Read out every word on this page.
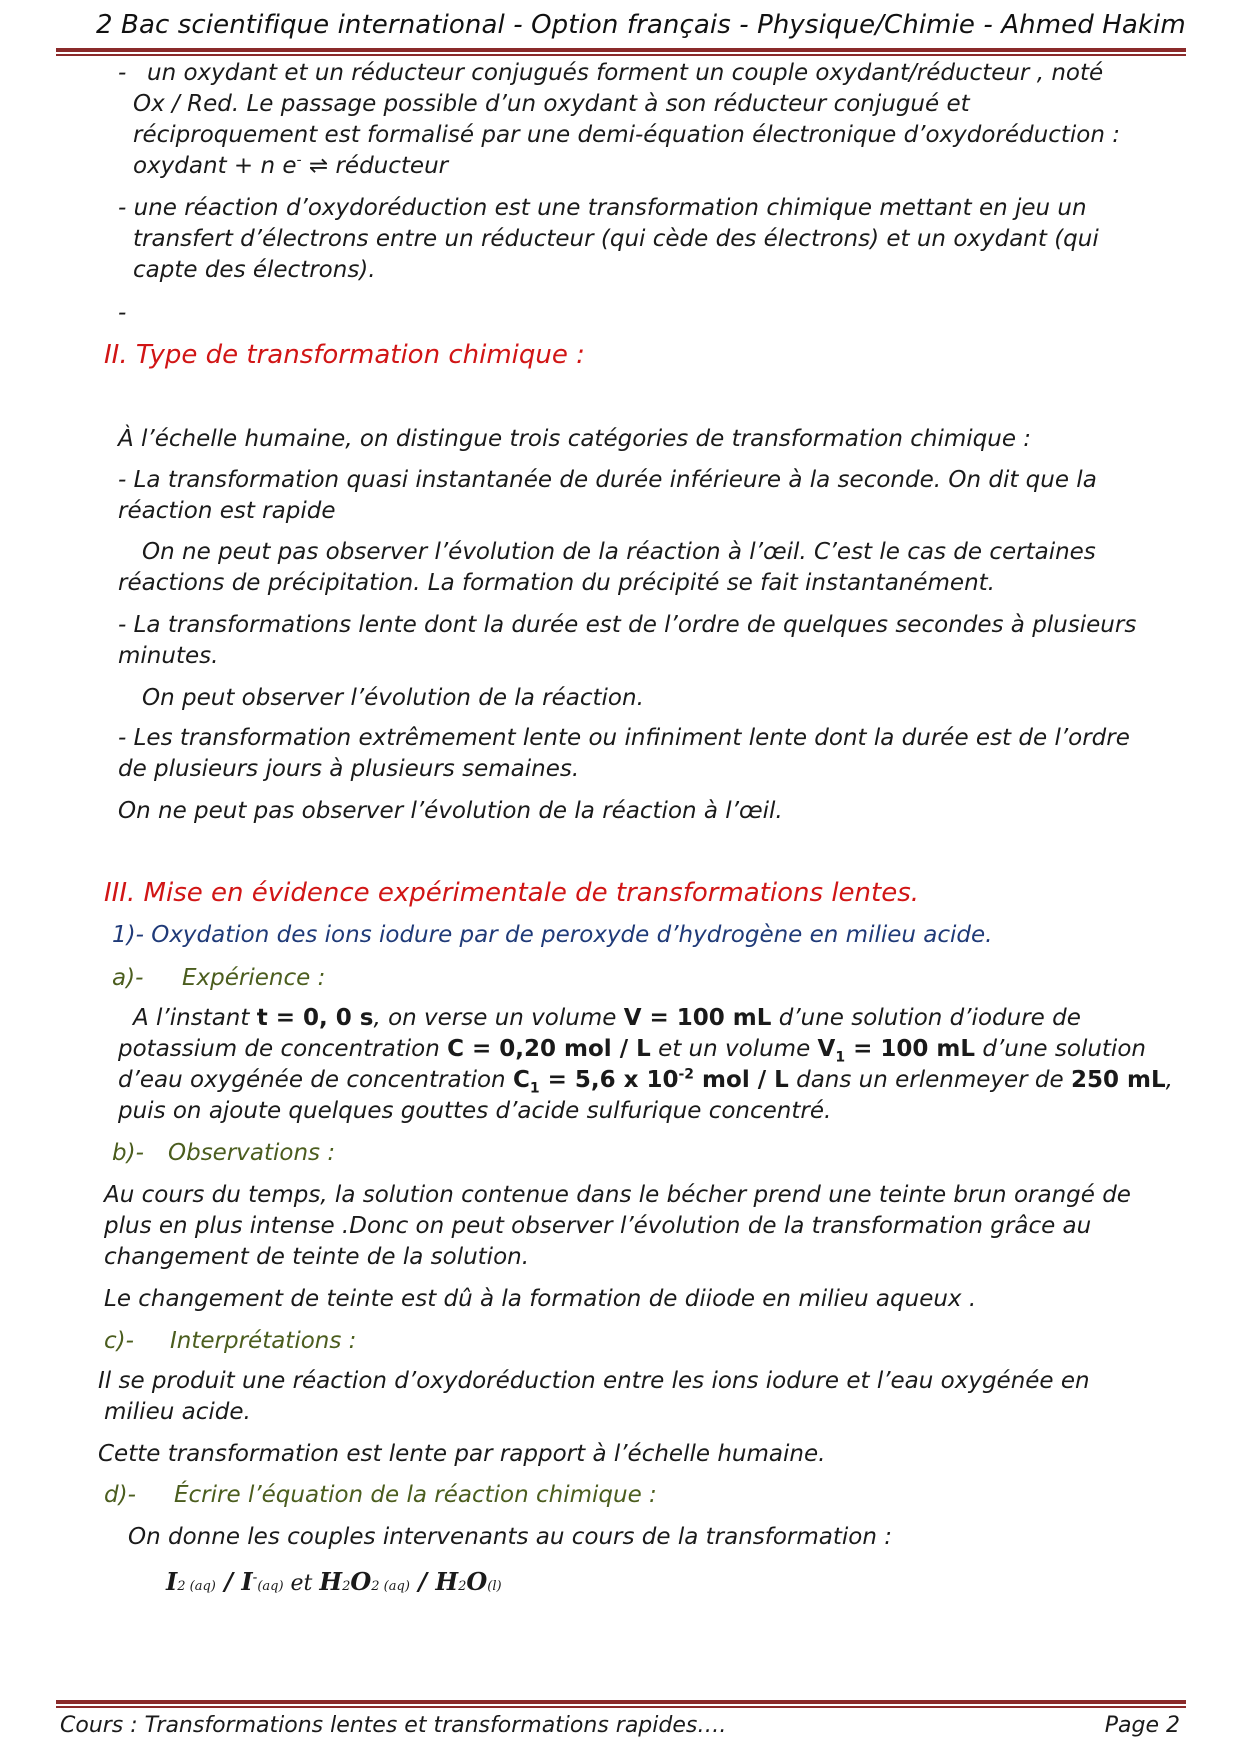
2 Bac scientifique international - Option français - Physique/Chimie - Ahmed Hakim
- un oxydant et un réducteur conjugués forment un couple oxydant/réducteur , noté
Ox / Red. Le passage possible d’un oxydant à son réducteur conjugué et
réciproquement est formalisé par une demi-équation électronique d’oxydoréduction :
oxydant + n e- ⇌ réducteur
- une réaction d’oxydoréduction est une transformation chimique mettant en jeu un
transfert d’électrons entre un réducteur (qui cède des électrons) et un oxydant (qui
capte des électrons).
-
II. Type de transformation chimique :
À l’échelle humaine, on distingue trois catégories de transformation chimique :
- La transformation quasi instantanée de durée inférieure à la seconde. On dit que la
réaction est rapide
On ne peut pas observer l’évolution de la réaction à l’œil. C’est le cas de certaines
réactions de précipitation. La formation du précipité se fait instantanément.
- La transformations lente dont la durée est de l’ordre de quelques secondes à plusieurs
minutes.
On peut observer l’évolution de la réaction.
- Les transformation extrêmement lente ou infiniment lente dont la durée est de l’ordre
de plusieurs jours à plusieurs semaines.
On ne peut pas observer l’évolution de la réaction à l’œil.
III. Mise en évidence expérimentale de transformations lentes.
1)- Oxydation des ions iodure par de peroxyde d’hydrogène en milieu acide.
a)- Expérience :
A l’instant t = 0, 0 s, on verse un volume V = 100 mL d’une solution d’iodure de
potassium de concentration C = 0,20 mol / L et un volume $V_1 = 100$ mL d’une solution
d’eau oxygénée de concentration $C_1 = 5,6$ x $10^{-2}$ mol / L dans un erlenmeyer de 250 mL,
puis on ajoute quelques gouttes d’acide sulfurique concentré.
b)- Observations :
Au cours du temps, la solution contenue dans le bécher prend une teinte brun orangé de
plus en plus intense .Donc on peut observer l’évolution de la transformation grâce au
changement de teinte de la solution.
Le changement de teinte est dû à la formation de diiode en milieu aqueux .
c)- Interprétations :
Il se produit une réaction d’oxydoréduction entre les ions iodure et l’eau oxygénée en
milieu acide.
Cette transformation est lente par rapport à l’échelle humaine.
d)- Écrire l’équation de la réaction chimique :
On donne les couples intervenants au cours de la transformation :
I2 (aq) / I-(aq) et H2O2 (aq) / H2O(l)
Cours : Transformations lentes et transformations rapides….	Page 2
